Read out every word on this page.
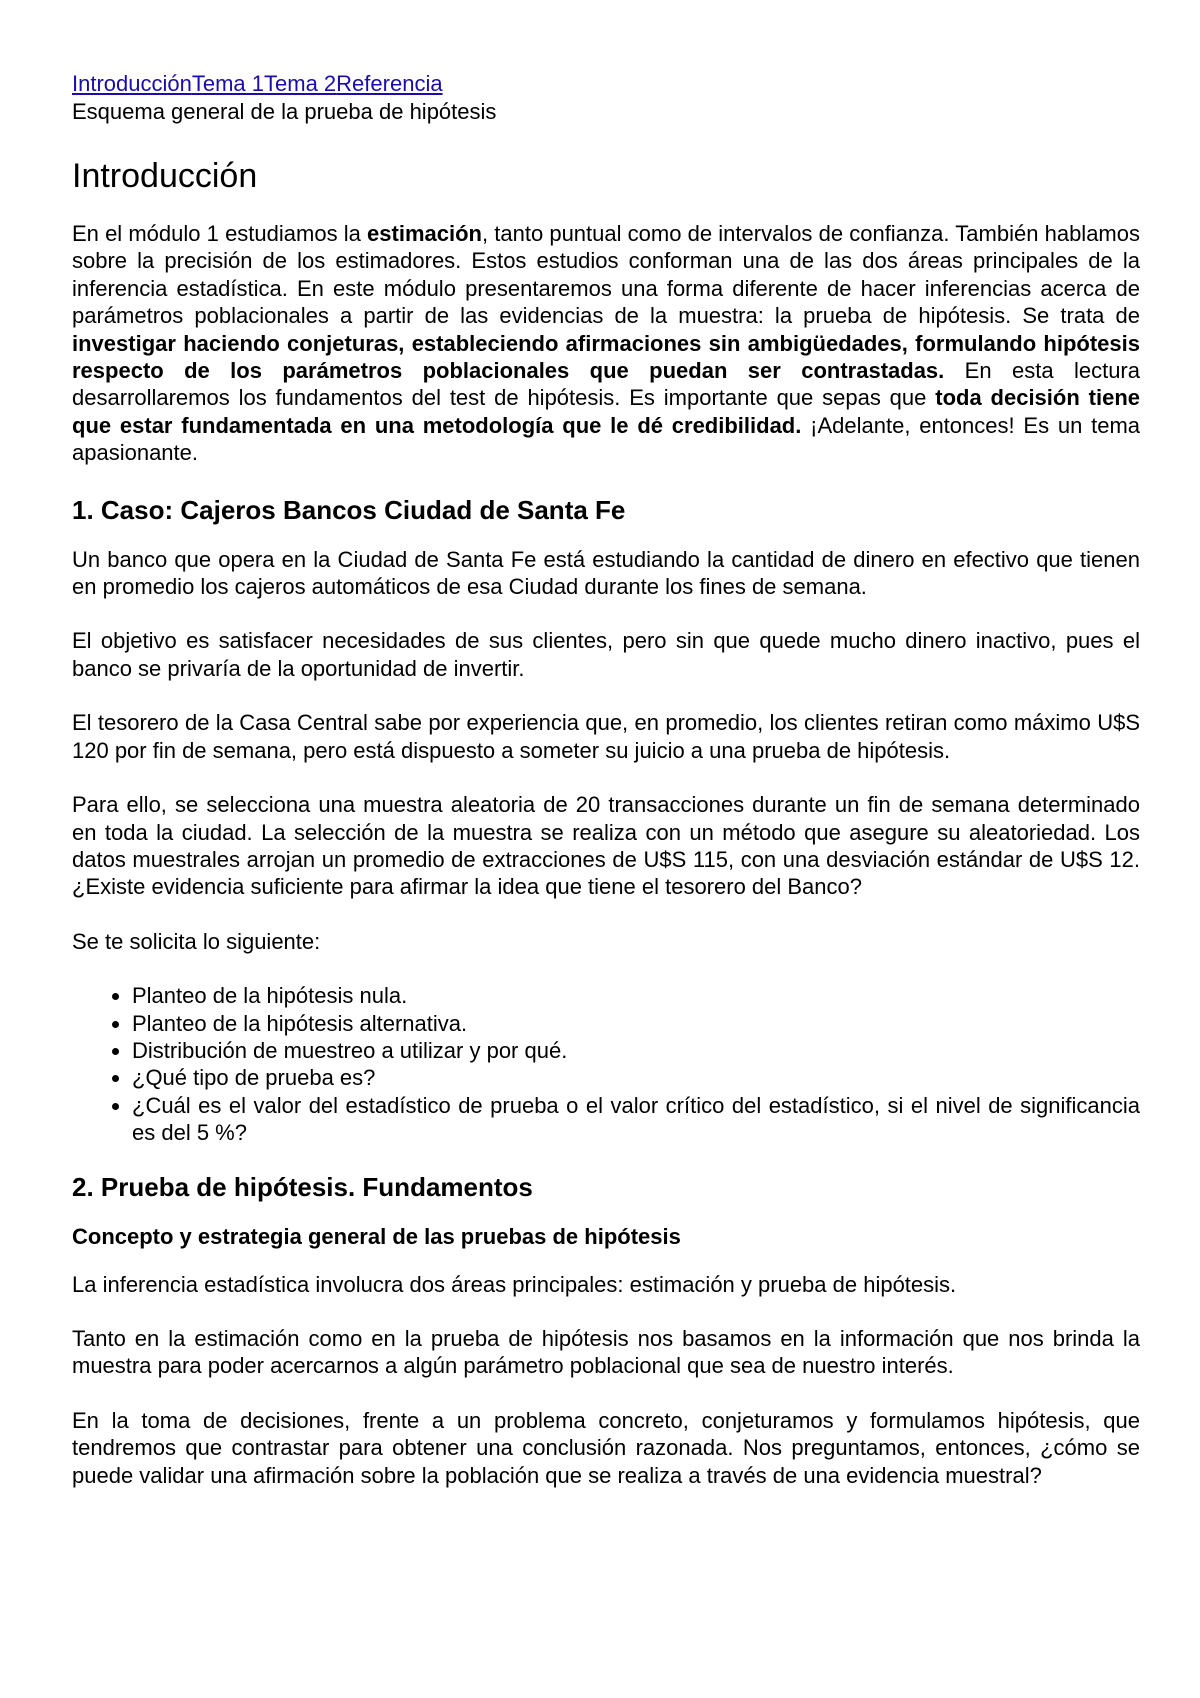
IntroducciónTema 1Tema 2Referencia
Esquema general de la prueba de hipótesis
Introducción

En el módulo 1 estudiamos la estimación, tanto puntual como de intervalos de confianza. También hablamos sobre la precisión de los estimadores. Estos estudios conforman una de las dos áreas principales de la inferencia estadística. En este módulo presentaremos una forma diferente de hacer inferencias acerca de parámetros poblacionales a partir de las evidencias de la muestra: la prueba de hipótesis. Se trata de investigar haciendo conjeturas, estableciendo afirmaciones sin ambigüedades, formulando hipótesis respecto de los parámetros poblacionales que puedan ser contrastadas. En esta lectura desarrollaremos los fundamentos del test de hipótesis. Es importante que sepas que toda decisión tiene que estar fundamentada en una metodología que le dé credibilidad. ¡Adelante, entonces! Es un tema apasionante.

1. Caso: Cajeros Bancos Ciudad de Santa Fe

Un banco que opera en la Ciudad de Santa Fe está estudiando la cantidad de dinero en efectivo que tienen en promedio los cajeros automáticos de esa Ciudad durante los fines de semana.

El objetivo es satisfacer necesidades de sus clientes, pero sin que quede mucho dinero inactivo, pues el banco se privaría de la oportunidad de invertir.

El tesorero de la Casa Central sabe por experiencia que, en promedio, los clientes retiran como máximo U$S 120 por fin de semana, pero está dispuesto a someter su juicio a una prueba de hipótesis.

Para ello, se selecciona una muestra aleatoria de 20 transacciones durante un fin de semana determinado en toda la ciudad. La selección de la muestra se realiza con un método que asegure su aleatoriedad. Los datos muestrales arrojan un promedio de extracciones de U$S 115, con una desviación estándar de U$S 12. ¿Existe evidencia suficiente para afirmar la idea que tiene el tesorero del Banco?

Se te solicita lo siguiente:

• Planteo de la hipótesis nula.
• Planteo de la hipótesis alternativa.
• Distribución de muestreo a utilizar y por qué.
• ¿Qué tipo de prueba es?
• ¿Cuál es el valor del estadístico de prueba o el valor crítico del estadístico, si el nivel de significancia es del 5 %?
2. Prueba de hipótesis. Fundamentos
Concepto y estrategia general de las pruebas de hipótesis

La inferencia estadística involucra dos áreas principales: estimación y prueba de hipótesis.

Tanto en la estimación como en la prueba de hipótesis nos basamos en la información que nos brinda la muestra para poder acercarnos a algún parámetro poblacional que sea de nuestro interés.

En la toma de decisiones, frente a un problema concreto, conjeturamos y formulamos hipótesis, que tendremos que contrastar para obtener una conclusión razonada. Nos preguntamos, entonces, ¿cómo se puede validar una afirmación sobre la población que se realiza a través de una evidencia muestral?
